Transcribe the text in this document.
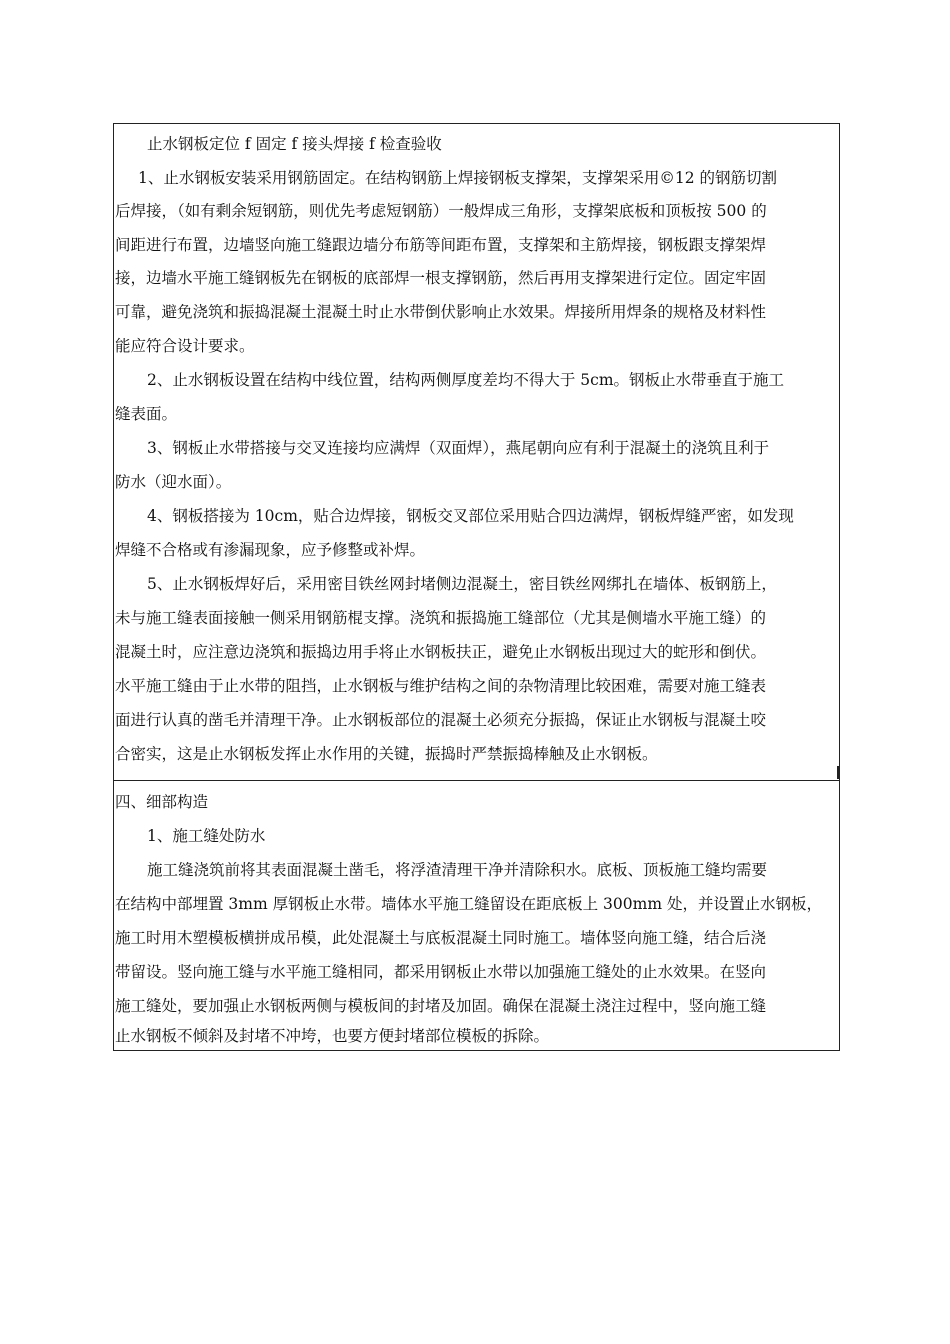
止水钢板定位 f 固定 f 接头焊接 f 检查验收

1、止水钢板安装采用钢筋固定。在结构钢筋上焊接钢板支撑架，支撑架采用©12 的钢筋切割

后焊接，（如有剩余短钢筋，则优先考虑短钢筋）一般焊成三角形，支撑架底板和顶板按 500 的

间距进行布置，边墙竖向施工缝跟边墙分布筋等间距布置，支撑架和主筋焊接，钢板跟支撑架焊

接，边墙水平施工缝钢板先在钢板的底部焊一根支撑钢筋，然后再用支撑架进行定位。固定牢固

可靠，避免浇筑和振捣混凝土混凝土时止水带倒伏影响止水效果。焊接所用焊条的规格及材料性

能应符合设计要求。

2、止水钢板设置在结构中线位置，结构两侧厚度差均不得大于 5cm。钢板止水带垂直于施工

缝表面。

3、钢板止水带搭接与交叉连接均应满焊（双面焊），燕尾朝向应有利于混凝土的浇筑且利于

防水（迎水面）。

4、钢板搭接为 10cm，贴合边焊接，钢板交叉部位采用贴合四边满焊，钢板焊缝严密，如发现

焊缝不合格或有渗漏现象，应予修整或补焊。

5、止水钢板焊好后，采用密目铁丝网封堵侧边混凝土，密目铁丝网绑扎在墙体、板钢筋上，

未与施工缝表面接触一侧采用钢筋棍支撑。浇筑和振捣施工缝部位（尤其是侧墙水平施工缝）的

混凝土时，应注意边浇筑和振捣边用手将止水钢板扶正，避免止水钢板出现过大的蛇形和倒伏。

水平施工缝由于止水带的阻挡，止水钢板与维护结构之间的杂物清理比较困难，需要对施工缝表

面进行认真的凿毛并清理干净。止水钢板部位的混凝土必须充分振捣，保证止水钢板与混凝土咬

合密实，这是止水钢板发挥止水作用的关键，振捣时严禁振捣棒触及止水钢板。

四、细部构造

1、施工缝处防水

施工缝浇筑前将其表面混凝土凿毛，将浮渣清理干净并清除积水。底板、顶板施工缝均需要

在结构中部埋置 3mm 厚钢板止水带。墙体水平施工缝留设在距底板上 300mm 处，并设置止水钢板，

施工时用木塑模板横拼成吊模，此处混凝土与底板混凝土同时施工。墙体竖向施工缝，结合后浇

带留设。竖向施工缝与水平施工缝相同，都采用钢板止水带以加强施工缝处的止水效果。在竖向

施工缝处，要加强止水钢板两侧与模板间的封堵及加固。确保在混凝土浇注过程中，竖向施工缝

止水钢板不倾斜及封堵不冲垮，也要方便封堵部位模板的拆除。
